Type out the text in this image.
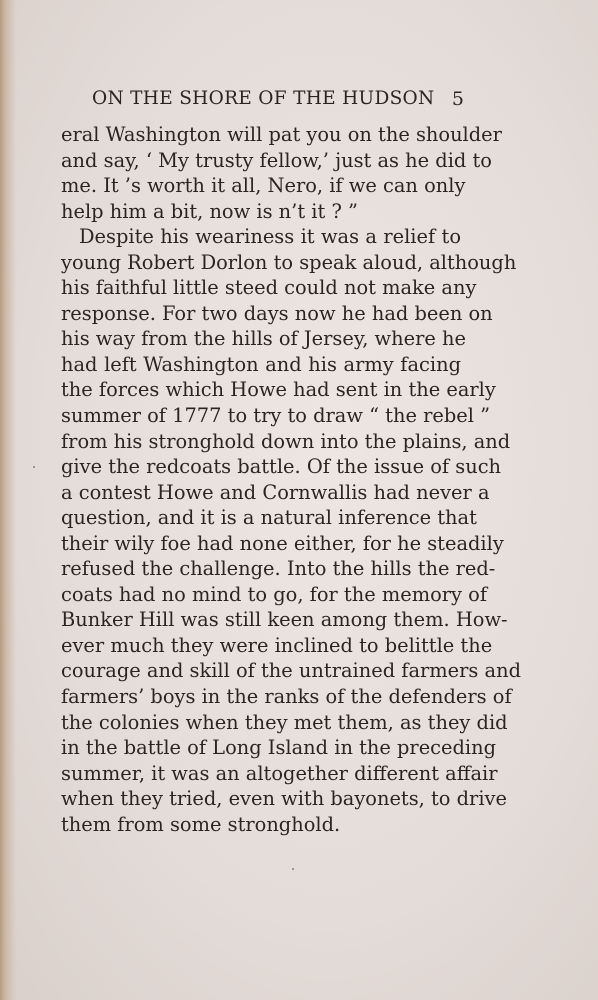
ON THE SHORE OF THE HUDSON 5
eral Washington will pat you on the shoulder
and say, ‘ My trusty fellow,’ just as he did to
me. It ’s worth it all, Nero, if we can only
help him a bit, now is n’t it ? ”
Despite his weariness it was a relief to
young Robert Dorlon to speak aloud, although
his faithful little steed could not make any
response. For two days now he had been on
his way from the hills of Jersey, where he
had left Washington and his army facing
the forces which Howe had sent in the early
summer of 1777 to try to draw “ the rebel ”
from his stronghold down into the plains, and
give the redcoats battle. Of the issue of such
a contest Howe and Cornwallis had never a
question, and it is a natural inference that
their wily foe had none either, for he steadily
refused the challenge. Into the hills the red-
coats had no mind to go, for the memory of
Bunker Hill was still keen among them. How-
ever much they were inclined to belittle the
courage and skill of the untrained farmers and
farmers’ boys in the ranks of the defenders of
the colonies when they met them, as they did
in the battle of Long Island in the preceding
summer, it was an altogether different affair
when they tried, even with bayonets, to drive
them from some stronghold.
